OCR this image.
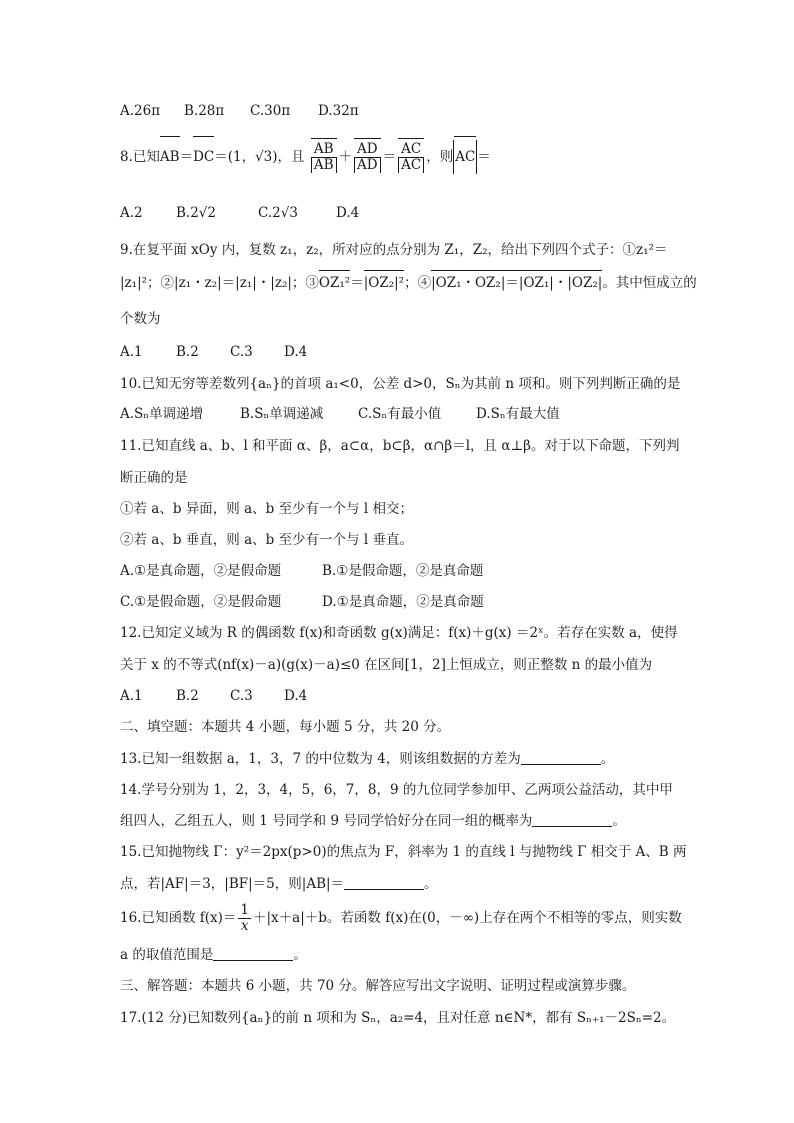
A.26π B.28π C.30π D.32π
8.已知AB＝DC＝(1，√3)，且 $\frac{AB}{AB} + \frac{AD}{AD} = \frac{AC}{AC}$ ，则 AC ＝
A.2 B.2√2	C.2√3	D.4
9.在复平面 xOy 内，复数 z₁，z₂，所对应的点分别为 Z₁，Z₂，给出下列四个式子：①z₁²＝
|z₁|²；②|z₁・z₂|＝|z₁|・|z₂|；③OZ₁²＝|OZ₂|²；④|OZ₁・OZ₂|＝|OZ₁|・|OZ₂|。其中恒成立的
个数为
A.1 B.2 C.3 D.4
10.已知无穷等差数列{aₙ}的首项 a₁<0，公差 d>0，Sₙ为其前 n 项和。则下列判断正确的是
A.Sₙ单调递增	B.Sₙ单调递减	C.Sₙ有最小值	D.Sₙ有最大值
11.已知直线 a、b、l 和平面 α、β，a⊂α，b⊂β，α∩β＝l，且 α⊥β。对于以下命题，下列判
断正确的是
①若 a、b 异面，则 a、b 至少有一个与 l 相交；
②若 a、b 垂直，则 a、b 至少有一个与 l 垂直。
A.①是真命题，②是假命题	B.①是假命题，②是真命题
C.①是假命题，②是假命题	D.①是真命题，②是真命题
12.已知定义域为 R 的偶函数 f(x)和奇函数 g(x)满足：f(x)＋g(x) ＝2ˣ。若存在实数 a，使得
关于 x 的不等式(nf(x)－a)(g(x)－a)≤0 在区间[1，2]上恒成立，则正整数 n 的最小值为
A.1 B.2 C.3 D.4
二、填空题：本题共 4 小题，每小题 5 分，共 20 分。
13.已知一组数据 a，1，3，7 的中位数为 4，则该组数据的方差为	。
14.学号分别为 1，2，3，4，5，6，7，8，9 的九位同学参加甲、乙两项公益活动，其中甲
组四人，乙组五人，则 1 号同学和 9 号同学恰好分在同一组的概率为	。
15.已知抛物线 Γ：y²＝2px(p>0)的焦点为 F，斜率为 1 的直线 l 与抛物线 Γ 相交于 A、B 两
点，若|AF|＝3，|BF|＝5，则|AB|＝	。
16.已知函数 $f(x)= \frac{1}{x} +|x+a|+b$。若函数 f(x)在(0，－∞)上存在两个不相等的零点，则实数
a 的取值范围是	。
三、解答题：本题共 6 小题，共 70 分。解答应写出文字说明、证明过程或演算步骤。
17.(12 分)已知数列{aₙ}的前 n 项和为 Sₙ，a₂=4，且对任意 n∈N*，都有 Sₙ₊₁－2Sₙ=2。
